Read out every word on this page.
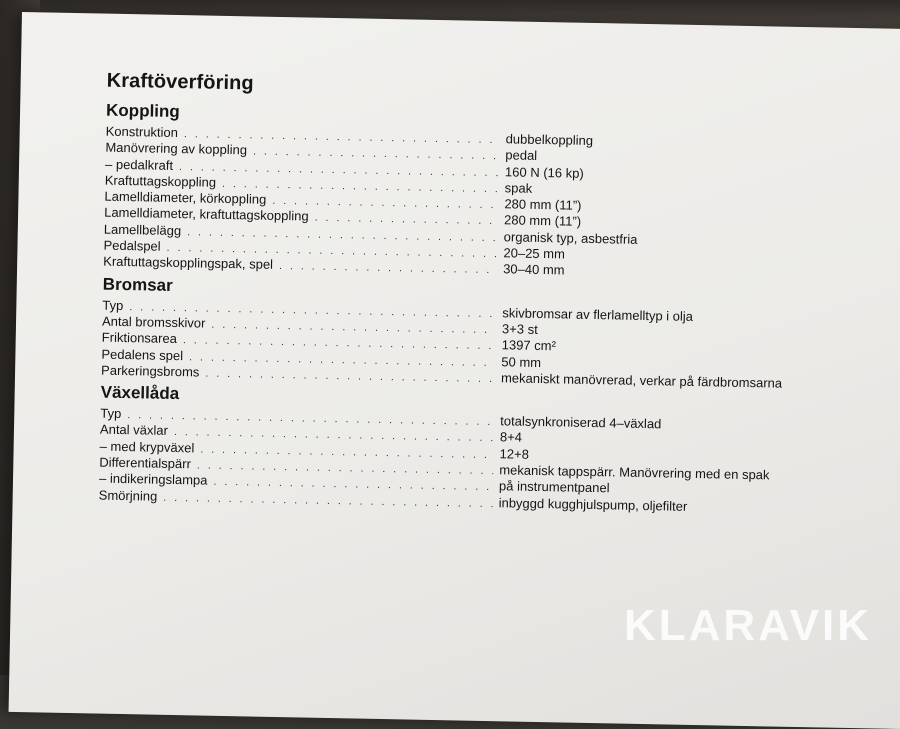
Kraftöverföring
Koppling
Konstruktion . . .	dubbelkoppling
Manövrering av koppling . . .	pedal
– pedalkraft . . .	160 N (16 kp)
Kraftuttagskoppling . . .	spak
Lamelldiameter, körkoppling . . .	280 mm (11”)
Lamelldiameter, kraftuttagskoppling . . .	280 mm (11”)
Lamellbelägg . . .	organisk typ, asbestfria
Pedalspel . . .	20–25 mm
Kraftuttagskopplingspak, spel . . .	30–40 mm
Bromsar
Typ . . .	skivbromsar av flerlamelltyp i olja
Antal bromsskivor . . .	3+3 st
Friktionsarea . . .	1397 cm²
Pedalens spel . . .	50 mm
Parkeringsbroms . . .	mekaniskt manövrerad, verkar på färdbromsarna
Växellåda
Typ . . .	totalsynkroniserad 4–växlad
Antal växlar . . .	8+4
– med krypväxel . . .	12+8
Differentialspärr . . .	mekanisk tappspärr. Manövrering med en spak
– indikeringslampa . . .	på instrumentpanel
Smörjning . . .	inbyggd kugghjulspump, oljefilter
KLARAVIK
